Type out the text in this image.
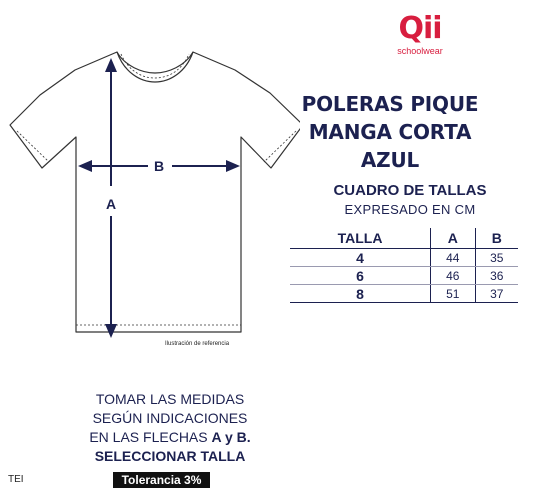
Qii
schoolwear
A
B
Ilustración de referencia
POLERAS PIQUE
MANGA CORTA
AZUL
CUADRO DE TALLAS
EXPRESADO EN CM
TALLA	A	B
4	44	35
6	46	36
8	51	37
TOMAR LAS MEDIDAS
SEGÚN INDICACIONES
EN LAS FLECHAS A y B.
SELECCIONAR TALLA
Tolerancia 3%
TEI
